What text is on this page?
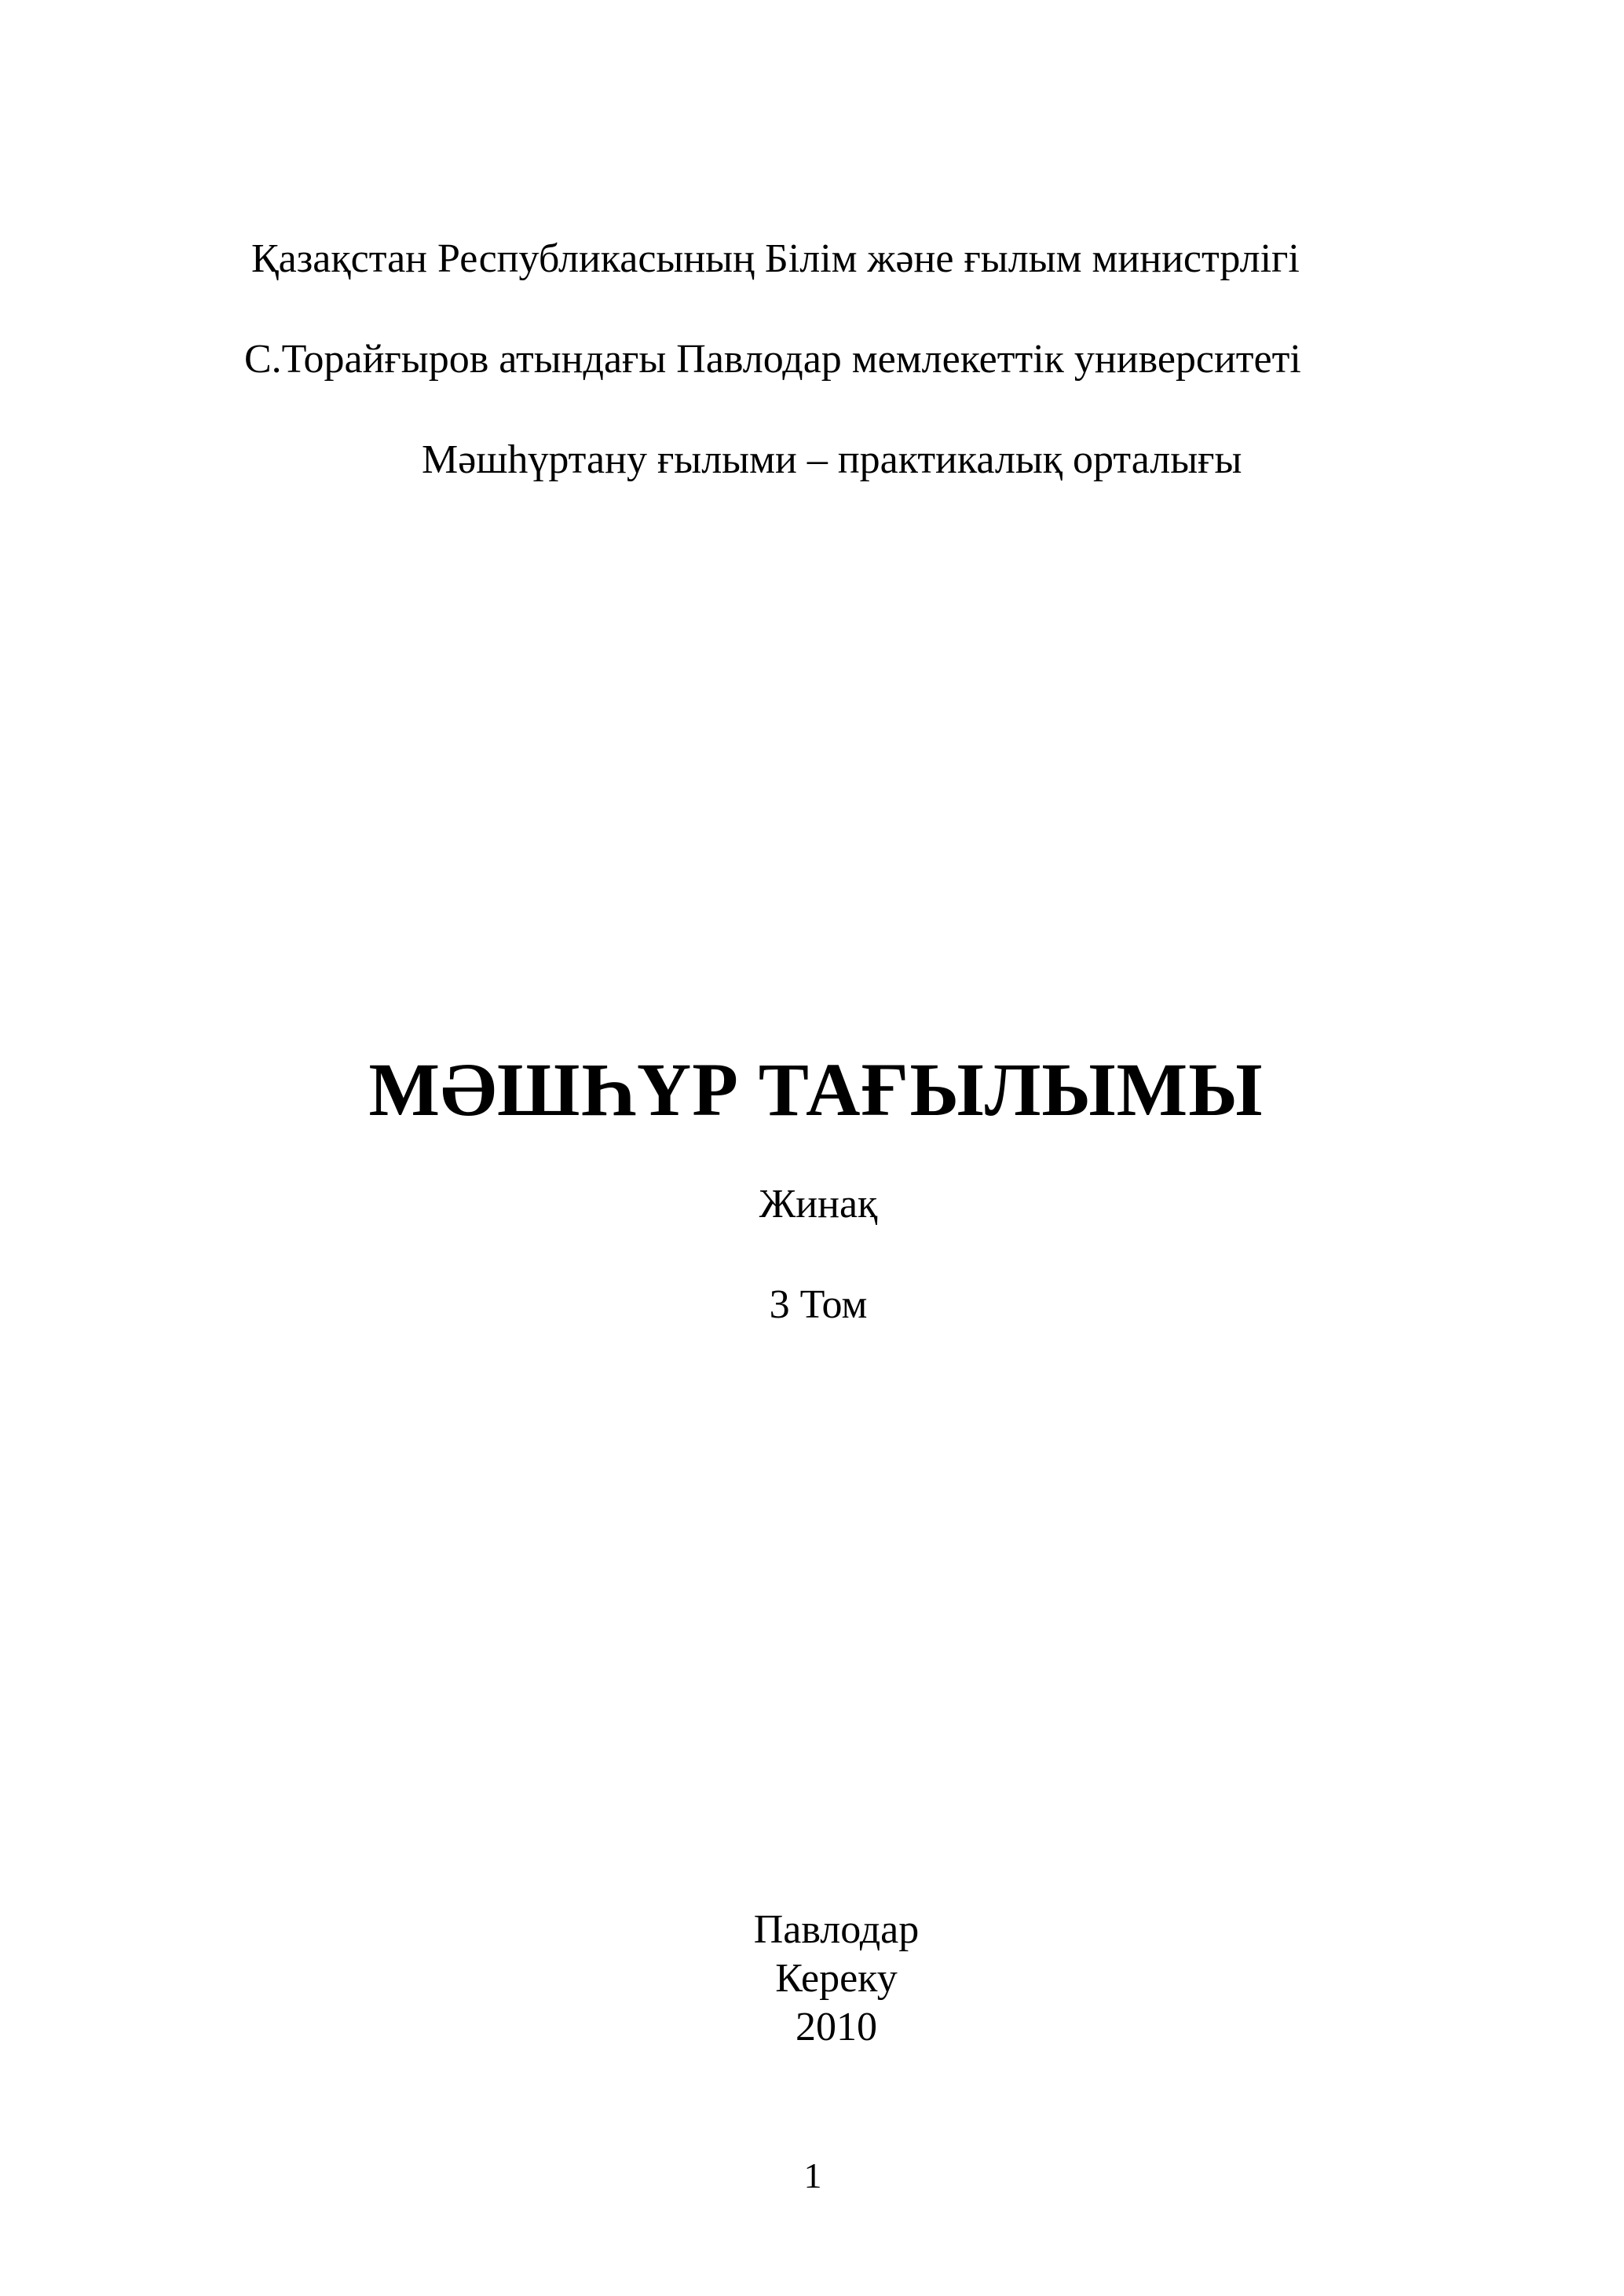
Қазақстан Республикасының Білім және ғылым министрлігі
С.Торайғыров атындағы Павлодар мемлекеттік университеті
Мәшһүртану ғылыми – практикалық орталығы
МӘШҺҮР ТАҒЫЛЫМЫ
Жинақ
3 Том
Павлодар
Кереку
2010
1
